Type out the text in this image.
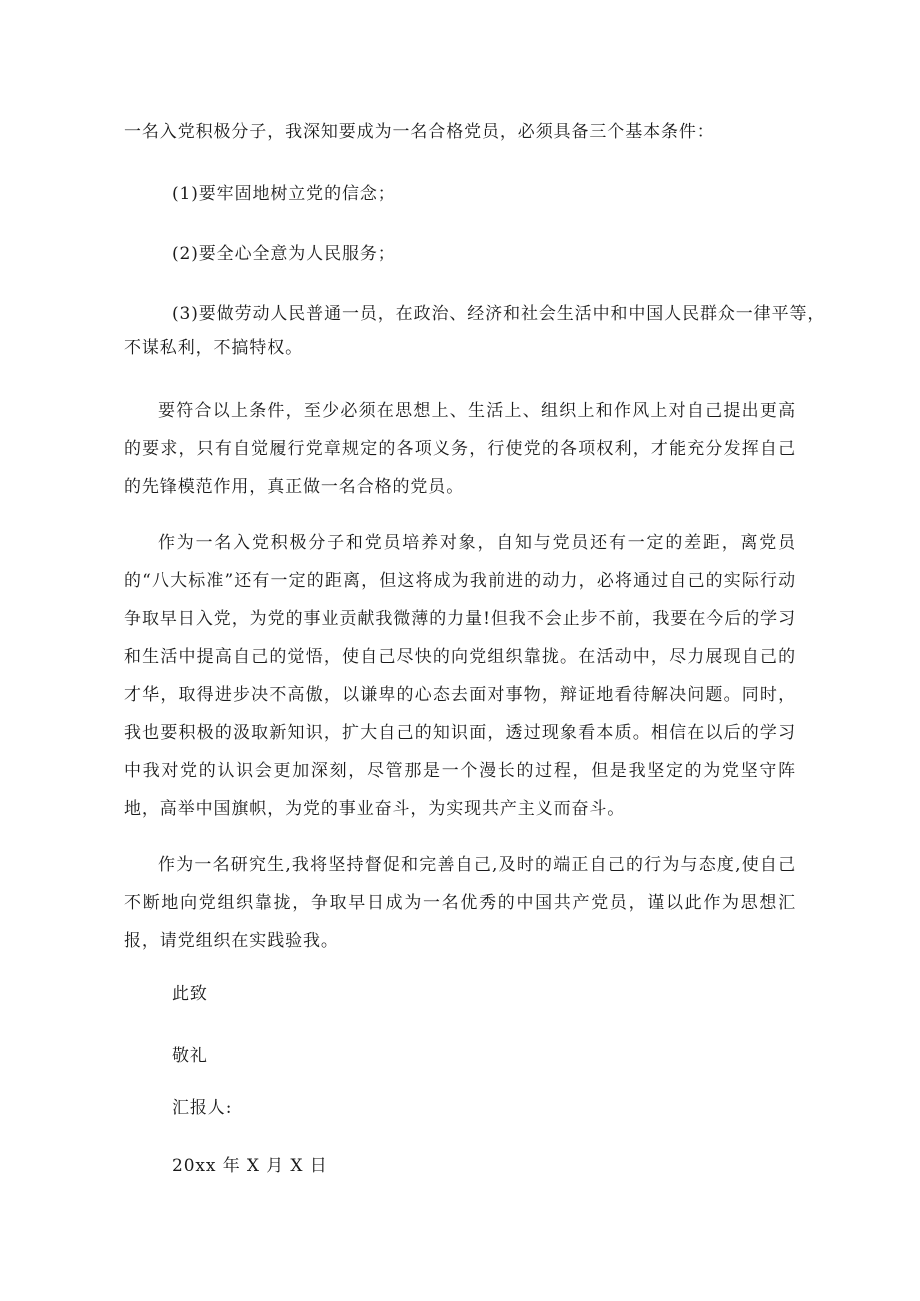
一名入党积极分子，我深知要成为一名合格党员，必须具备三个基本条件：
(1)要牢固地树立党的信念；
(2)要全心全意为人民服务；
(3)要做劳动人民普通一员，在政治、经济和社会生活中和中国人民群众一律平等，
不谋私利，不搞特权。
要符合以上条件，至少必须在思想上、生活上、组织上和作风上对自己提出更高的要求，只有自觉履行党章规定的各项义务，行使党的各项权利，才能充分发挥自己的先锋模范作用，真正做一名合格的党员。
作为一名入党积极分子和党员培养对象，自知与党员还有一定的差距，离党员的“八大标准”还有一定的距离，但这将成为我前进的动力，必将通过自己的实际行动争取早日入党，为党的事业贡献我微薄的力量!但我不会止步不前，我要在今后的学习和生活中提高自己的觉悟，使自己尽快的向党组织靠拢。在活动中，尽力展现自己的才华，取得进步决不高傲，以谦卑的心态去面对事物，辩证地看待解决问题。同时，我也要积极的汲取新知识，扩大自己的知识面，透过现象看本质。相信在以后的学习中我对党的认识会更加深刻，尽管那是一个漫长的过程，但是我坚定的为党坚守阵地，高举中国旗帜，为党的事业奋斗，为实现共产主义而奋斗。
作为一名研究生,我将坚持督促和完善自己,及时的端正自己的行为与态度,使自己不断地向党组织靠拢，争取早日成为一名优秀的中国共产党员，谨以此作为思想汇报，请党组织在实践验我。
此致
敬礼
汇报人:
20xx 年 X 月 X 日
